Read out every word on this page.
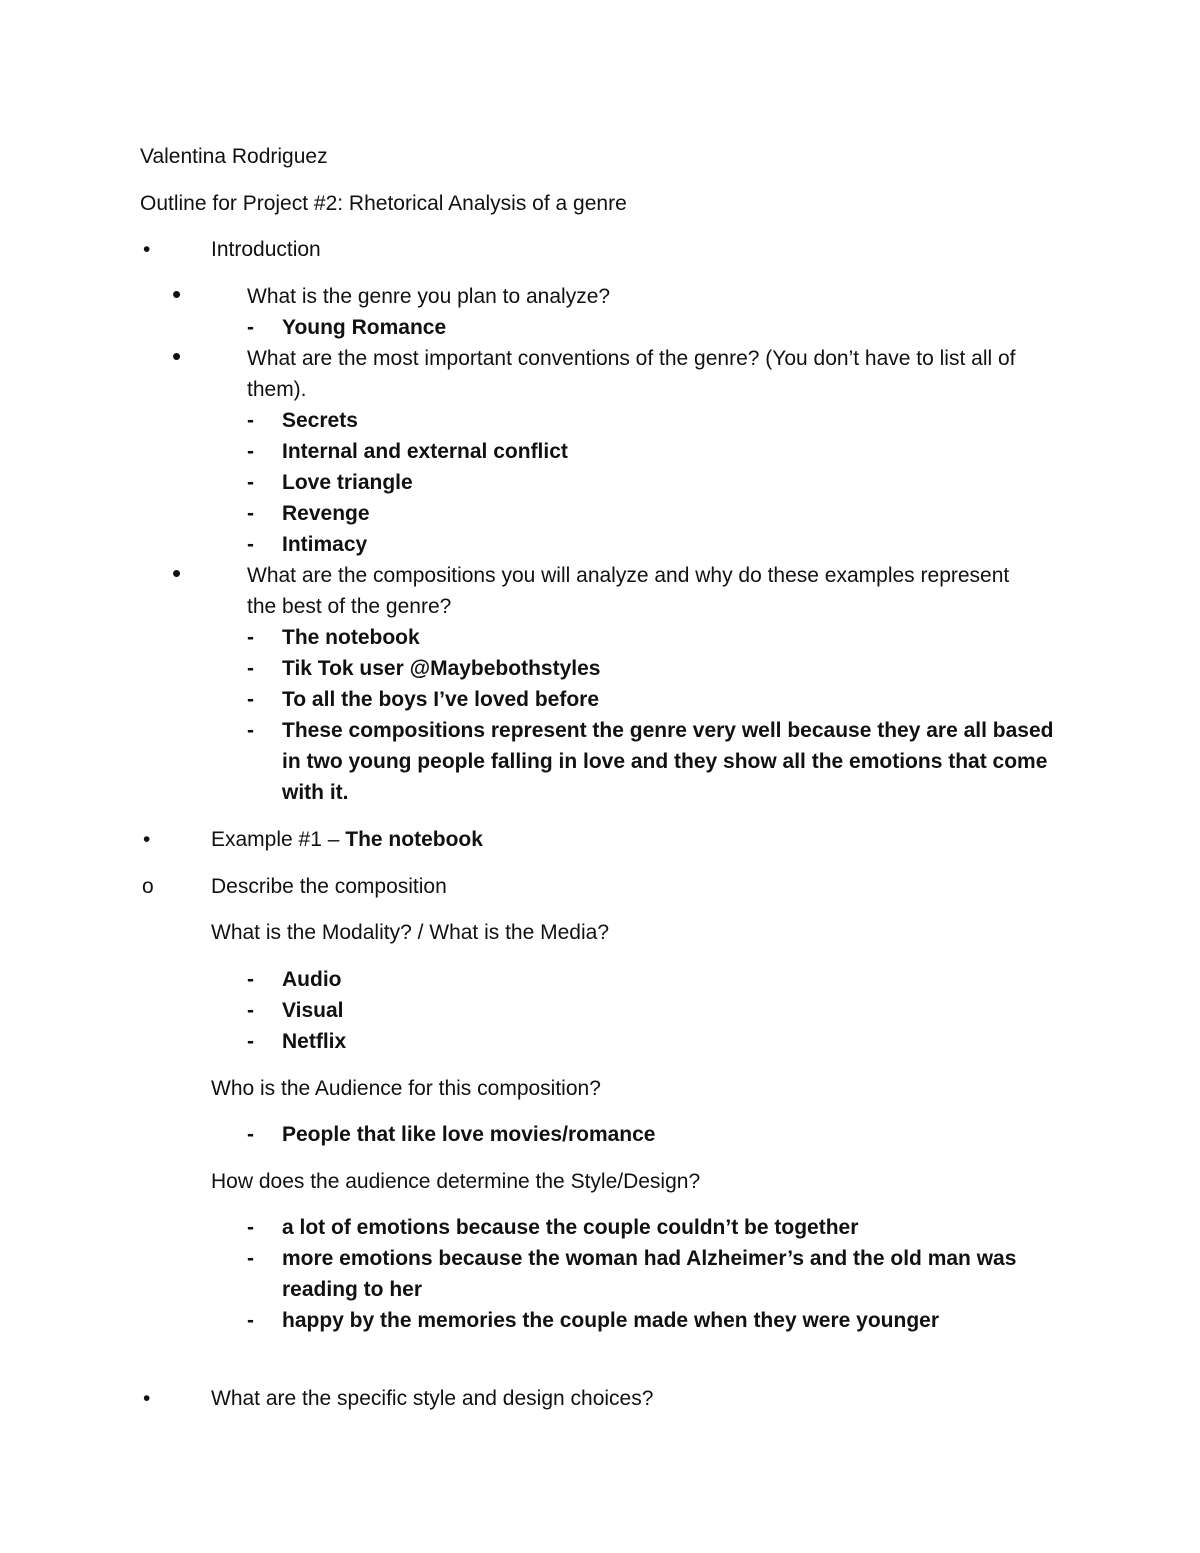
Valentina Rodriguez
Outline for Project #2: Rhetorical Analysis of a genre
•	Introduction
•	What is the genre you plan to analyze?
- Young Romance
•	What are the most important conventions of the genre? (You don’t have to list all of
them).
- Secrets
- Internal and external conflict
- Love triangle
- Revenge
- Intimacy
•	What are the compositions you will analyze and why do these examples represent
the best of the genre?
- The notebook
- Tik Tok user @Maybebothstyles
- To all the boys I’ve loved before
- These compositions represent the genre very well because they are all based
in two young people falling in love and they show all the emotions that come
with it.
•	Example #1 – The notebook
o	Describe the composition
What is the Modality? / What is the Media?
- Audio
- Visual
- Netflix
Who is the Audience for this composition?
- People that like love movies/romance
How does the audience determine the Style/Design?
- a lot of emotions because the couple couldn’t be together
- more emotions because the woman had Alzheimer’s and the old man was
reading to her
- happy by the memories the couple made when they were younger
•	What are the specific style and design choices?
